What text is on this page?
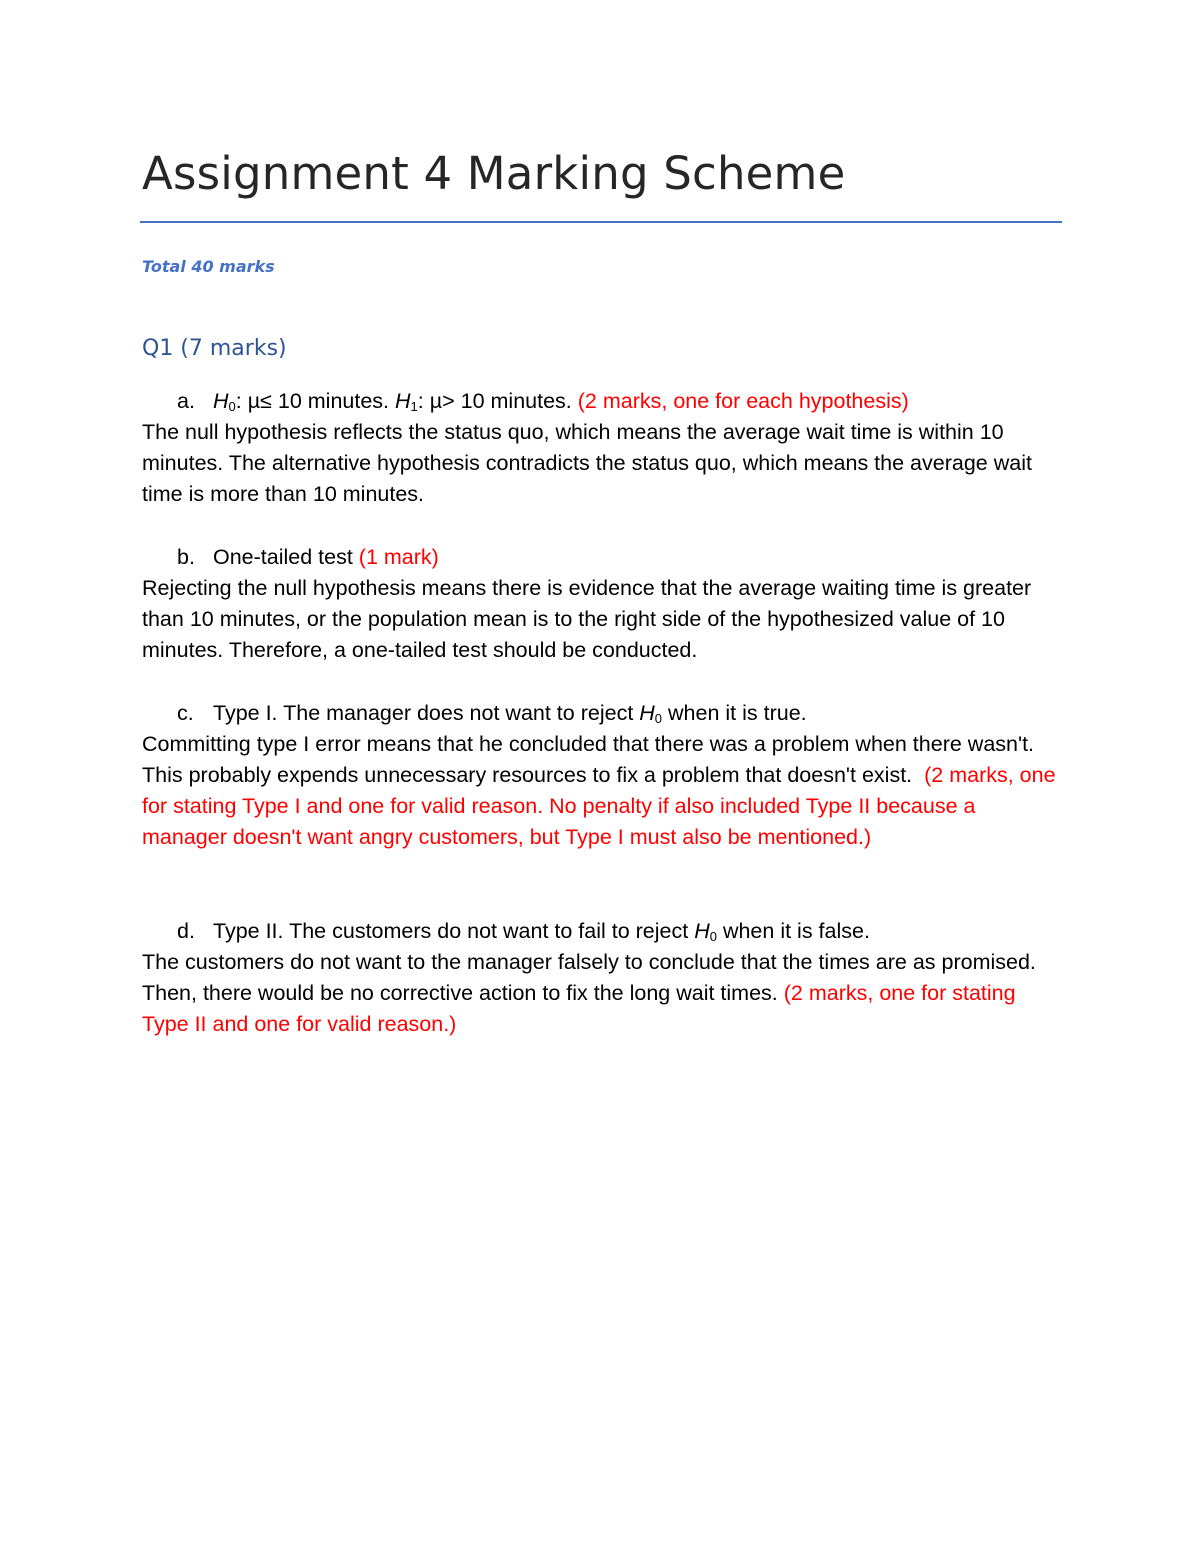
Assignment 4 Marking Scheme
Total 40 marks
Q1 (7 marks)
a. $H_0$: µ≤ 10 minutes. $H_1$: µ> 10 minutes. (2 marks, one for each hypothesis)

The null hypothesis reflects the status quo, which means the average wait time is within 10 minutes. The alternative hypothesis contradicts the status quo, which means the average wait time is more than 10 minutes.

b. One-tailed test (1 mark)

Rejecting the null hypothesis means there is evidence that the average waiting time is greater than 10 minutes, or the population mean is to the right side of the hypothesized value of 10 minutes. Therefore, a one-tailed test should be conducted.

c. Type I. The manager does not want to reject $H_0$ when it is true.

Committing type I error means that he concluded that there was a problem when there wasn't. This probably expends unnecessary resources to fix a problem that doesn't exist. (2 marks, one for stating Type I and one for valid reason. No penalty if also included Type II because a manager doesn't want angry customers, but Type I must also be mentioned.)

d. Type II. The customers do not want to fail to reject $H_0$ when it is false.

The customers do not want to the manager falsely to conclude that the times are as promised. Then, there would be no corrective action to fix the long wait times. (2 marks, one for stating Type II and one for valid reason.)
